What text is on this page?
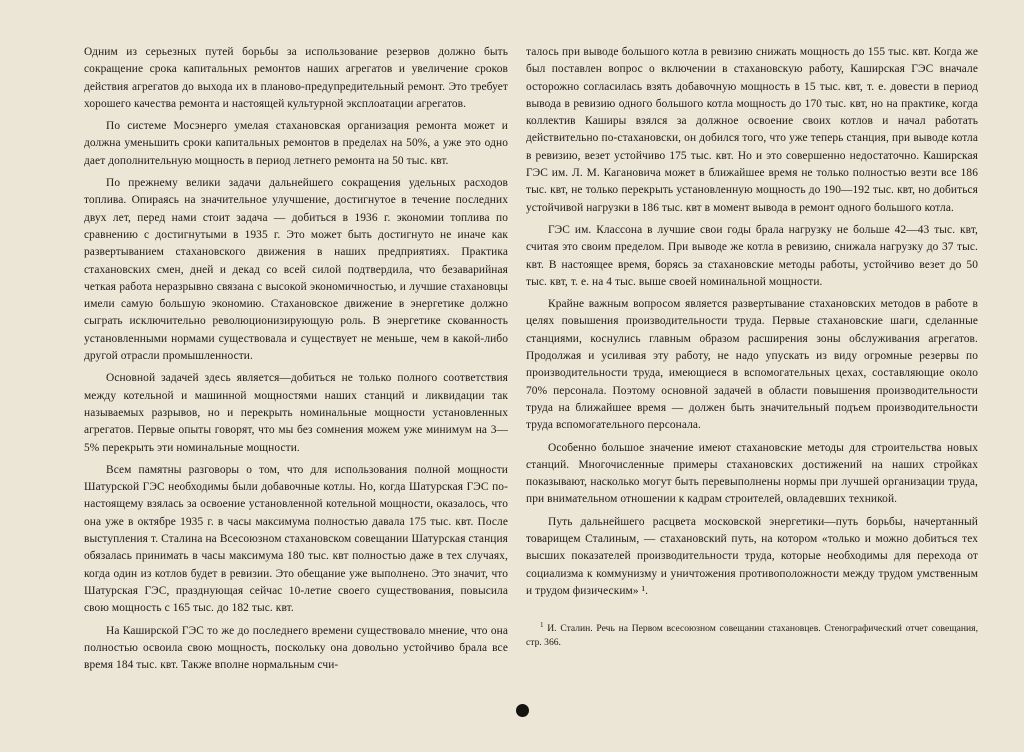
Одним из серьезных путей борьбы за использование резервов должно быть сокращение срока капитальных ремонтов наших агрегатов и увеличение сроков действия агрегатов до выхода их в планово-предупредительный ремонт. Это требует хорошего качества ремонта и настоящей культурной эксплоатации агрегатов.

По системе Мосэнерго умелая стахановская организация ремонта может и должна уменьшить сроки капитальных ремонтов в пределах на 50%, а уже это одно дает дополнительную мощность в период летнего ремонта на 50 тыс. квт.

По прежнему велики задачи дальнейшего сокращения удельных расходов топлива. Опираясь на значительное улучшение, достигнутое в течение последних двух лет, перед нами стоит задача — добиться в 1936 г. экономии топлива по сравнению с достигнутыми в 1935 г. Это может быть достигнуто не иначе как развертыванием стахановского движения в наших предприятиях. Практика стахановских смен, дней и декад со всей силой подтвердила, что безаварийная четкая работа неразрывно связана с высокой экономичностью, и лучшие стахановцы имели самую большую экономию. Стахановское движение в энергетике должно сыграть исключительно революционизирующую роль. В энергетике скованность установленными нормами существовала и существует не меньше, чем в какой-либо другой отрасли промышленности.

Основной задачей здесь является—добиться не только полного соответствия между котельной и машинной мощностями наших станций и ликвидации так называемых разрывов, но и перекрыть номинальные мощности установленных агрегатов. Первые опыты говорят, что мы без сомнения можем уже минимум на 3—5% перекрыть эти номинальные мощности.

Всем памятны разговоры о том, что для использования полной мощности Шатурской ГЭС необходимы были добавочные котлы. Но, когда Шатурская ГЭС по-настоящему взялась за освоение установленной котельной мощности, оказалось, что она уже в октябре 1935 г. в часы максимума полностью давала 175 тыс. квт. После выступления т. Сталина на Всесоюзном стахановском совещании Шатурская станция обязалась принимать в часы максимума 180 тыс. квт полностью даже в тех случаях, когда один из котлов будет в ревизии. Это обещание уже выполнено. Это значит, что Шатурская ГЭС, празднующая сейчас 10-летие своего существования, повысила свою мощность с 165 тыс. до 182 тыс. квт.

На Каширской ГЭС то же до последнего времени существовало мнение, что она полностью освоила свою мощность, поскольку она довольно устойчиво брала все время 184 тыс. квт. Также вполне нормальным счи-

талось при выводе большого котла в ревизию снижать мощность до 155 тыс. квт. Когда же был поставлен вопрос о включении в стахановскую работу, Каширская ГЭС вначале осторожно согласилась взять добавочную мощность в 15 тыс. квт, т. е. довести в период вывода в ревизию одного большого котла мощность до 170 тыс. квт, но на практике, когда коллектив Каширы взялся за должное освоение своих котлов и начал работать действительно по-стахановски, он добился того, что уже теперь станция, при выводе котла в ревизию, везет устойчиво 175 тыс. квт. Но и это совершенно недостаточно. Каширская ГЭС им. Л. М. Кагановича может в ближайшее время не только полностью везти все 186 тыс. квт, не только перекрыть установленную мощность до 190—192 тыс. квт, но добиться устойчивой нагрузки в 186 тыс. квт в момент вывода в ремонт одного большого котла.

ГЭС им. Классона в лучшие свои годы брала нагрузку не больше 42—43 тыс. квт, считая это своим пределом. При выводе же котла в ревизию, снижала нагрузку до 37 тыс. квт. В настоящее время, борясь за стахановские методы работы, устойчиво везет до 50 тыс. квт, т. е. на 4 тыс. выше своей номинальной мощности.

Крайне важным вопросом является развертывание стахановских методов в работе в целях повышения производительности труда. Первые стахановские шаги, сделанные станциями, коснулись главным образом расширения зоны обслуживания агрегатов. Продолжая и усиливая эту работу, не надо упускать из виду огромные резервы по производительности труда, имеющиеся в вспомогательных цехах, составляющие около 70% персонала. Поэтому основной задачей в области повышения производительности труда на ближайшее время — должен быть значительный подъем производительности труда вспомогательного персонала.

Особенно большое значение имеют стахановские методы для строительства новых станций. Многочисленные примеры стахановских достижений на наших стройках показывают, насколько могут быть перевыполнены нормы при лучшей организации труда, при внимательном отношении к кадрам строителей, овладевших техникой.

Путь дальнейшего расцвета московской энергетики—путь борьбы, начертанный товарищем Сталиным, — стахановский путь, на котором «только и можно добиться тех высших показателей производительности труда, которые необходимы для перехода от социализма к коммунизму и уничтожения противоположности между трудом умственным и трудом физическим» ¹.

$^1$ И. Сталин. Речь на Первом всесоюзном совещании стахановцев. Стенографический отчет совещания, стр. 366.
